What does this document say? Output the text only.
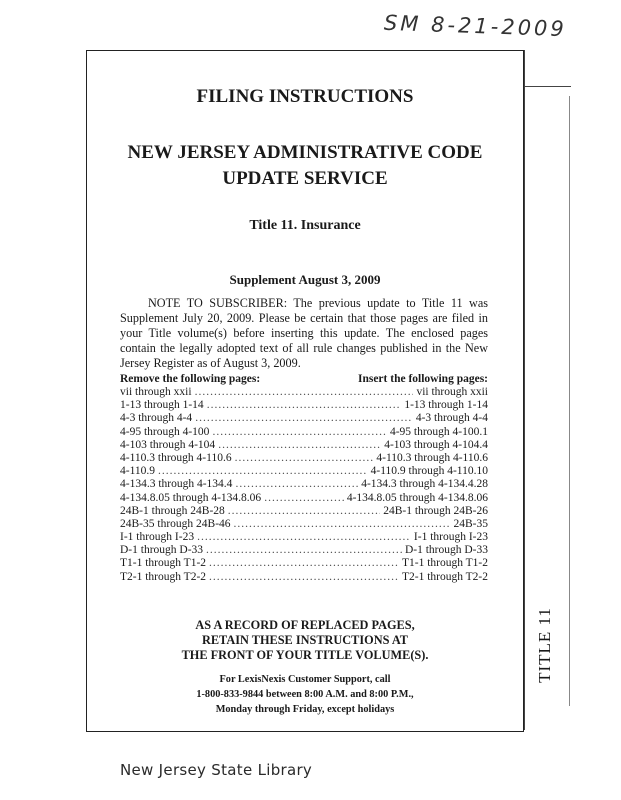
SM 8-21-2009
TITLE 11
FILING INSTRUCTIONS
NEW JERSEY ADMINISTRATIVE CODE
UPDATE SERVICE
Title 11. Insurance
Supplement August 3, 2009
NOTE TO SUBSCRIBER: The previous update to Title 11 was Supplement July 20, 2009. Please be certain that those pages are filed in your Title volume(s) before inserting this update. The enclosed pages contain the legally adopted text of all rule changes published in the New Jersey Register as of August 3, 2009.
Remove the following pages:	Insert the following pages:
vii through xxii .....	vii through xxii
1-13 through 1-14 .....	1-13 through 1-14
4-3 through 4-4 .....	4-3 through 4-4
4-95 through 4-100 .....	4-95 through 4-100.1
4-103 through 4-104 .....	4-103 through 4-104.4
4-110.3 through 4-110.6 .....	4-110.3 through 4-110.6
4-110.9 .....	4-110.9 through 4-110.10
4-134.3 through 4-134.4 .....	4-134.3 through 4-134.4.28
4-134.8.05 through 4-134.8.06 .....	4-134.8.05 through 4-134.8.06
24B-1 through 24B-28 .....	24B-1 through 24B-26
24B-35 through 24B-46 .....	24B-35
I-1 through I-23 .....	I-1 through I-23
D-1 through D-33 .....	D-1 through D-33
T1-1 through T1-2 .....	T1-1 through T1-2
T2-1 through T2-2 .....	T2-1 through T2-2
AS A RECORD OF REPLACED PAGES,
RETAIN THESE INSTRUCTIONS AT
THE FRONT OF YOUR TITLE VOLUME(S).
For LexisNexis Customer Support, call
1-800-833-9844 between 8:00 A.M. and 8:00 P.M.,
Monday through Friday, except holidays
New Jersey State Library
